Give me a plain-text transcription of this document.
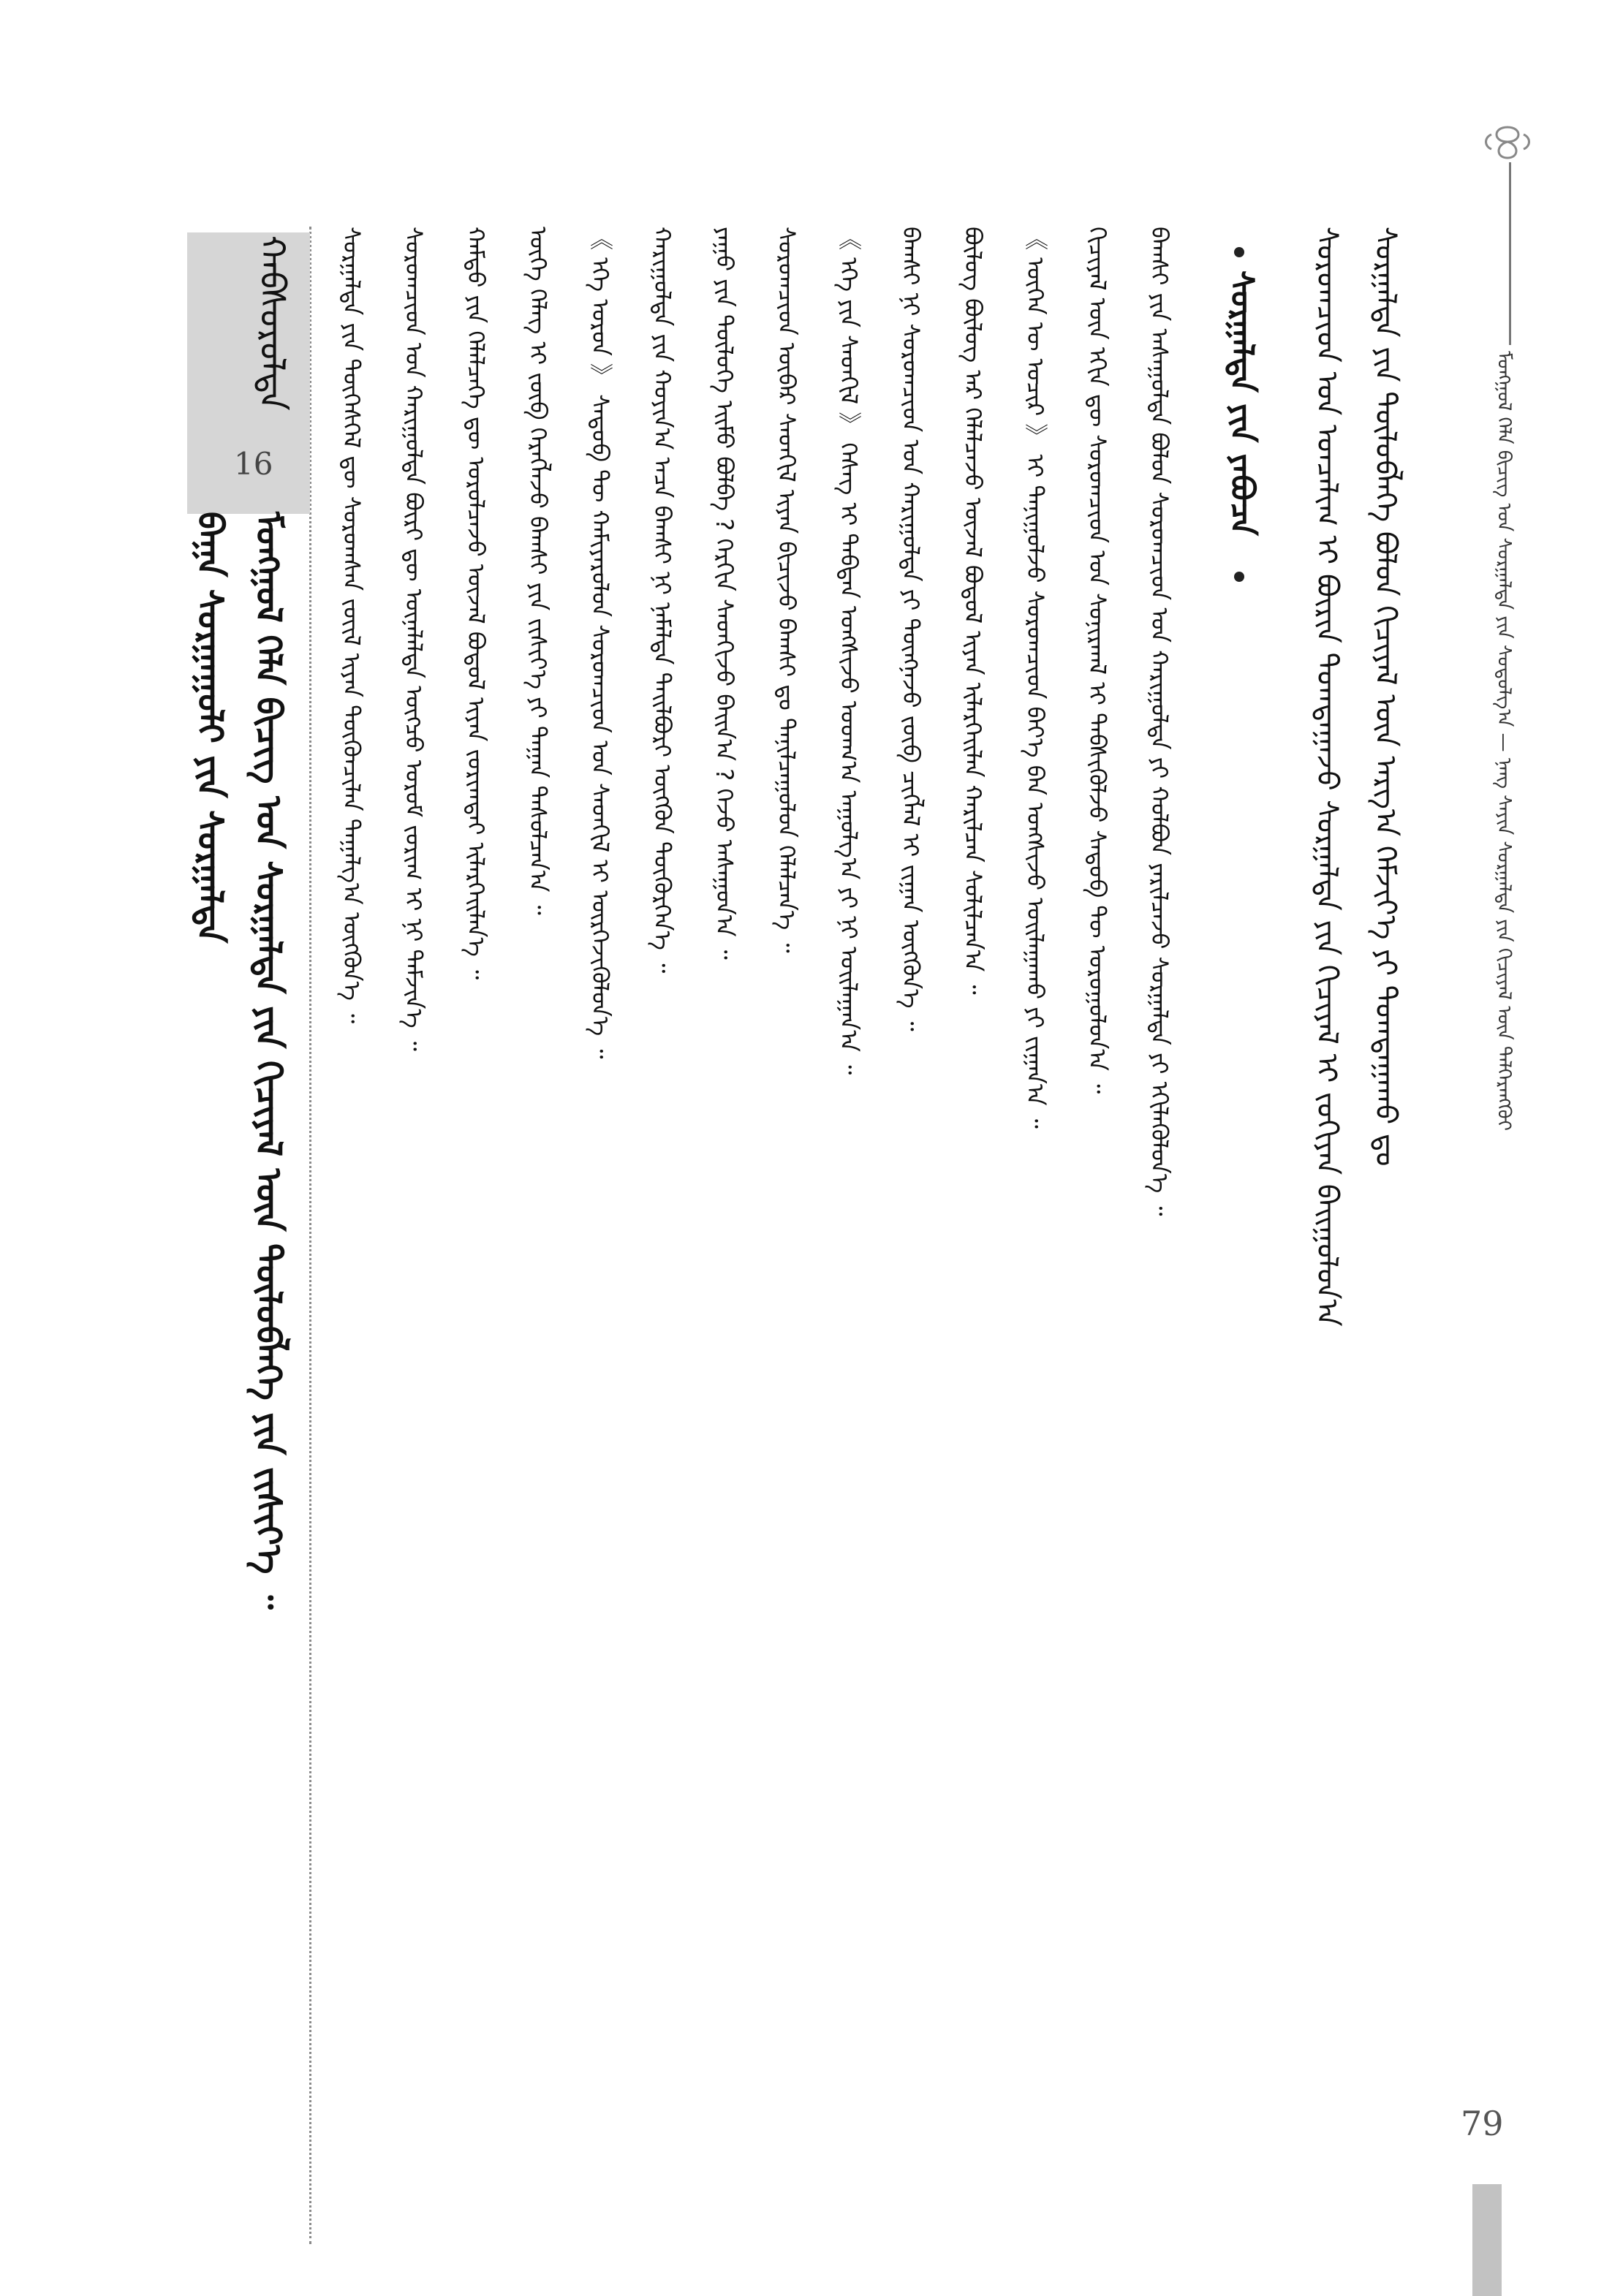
ᠮᠣᠩᠭᠣᠯ ᠬᠡᠯᠡ ᠪᠢᠴᠢᠭ᠌ ᠤᠨ ᠰᠤᠷᠭᠠᠯᠲᠠ ᠶᠢᠨ ᠰᠤᠳᠤᠯᠭ᠎ᠠ — ᠨᠡᠩ ᠰᠠᠶᠢᠨ ᠰᠤᠷᠭᠠᠯᠲᠠ ᠶᠢᠨ ᠬᠢᠴᠢᠶᠡᠯ ᠦᠨ ᠳᠡᠯᠭᠡᠷᠡᠩᠭᠦᠢ
79
ᠰᠤᠷᠭᠠᠯᠲᠠ ᠶᠢᠨ ᠲᠥᠯᠥᠪᠯᠡᠭᠡ ᠪᠣᠯᠤᠨ ᠬᠢᠴᠢᠶᠡᠯ ᠦᠨ ᠠᠷᠭ᠎ᠠ ᠬᠡᠮᠵᠢᠶ᠎ᠡ ᠶᠢ ᠲᠣᠭᠲᠠᠭᠠᠬᠤ ᠳᠤ
ᠰᠤᠷᠤᠭᠴᠢᠳ ᠤᠨ ᠣᠨᠴᠠᠯᠢᠭ ᠢ ᠪᠦᠷᠢᠨ ᠲᠣᠭᠲᠠᠭᠠᠵᠤ ᠰᠤᠷᠭᠠᠯᠲᠠ ᠶᠢᠨ ᠬᠢᠴᠢᠶᠡᠯ ᠢ ᠵᠣᠬᠢᠶᠠᠨ ᠪᠠᠢᠭᠤᠯᠤᠨ᠎ᠠ
ᠰᠤᠷᠭᠠᠯᠲᠠ ᠶᠢᠨ ᠶᠠᠪᠤᠴᠠ
ᠪᠠᠭᠰᠢ ᠶᠢᠨ ᠠᠰᠠᠭᠤᠯᠲᠠ ᠪᠣᠯᠤᠨ ᠰᠤᠷᠤᠭᠴᠢᠳ ᠤᠨ ᠬᠠᠷᠢᠭᠤᠯᠲᠠ ᠶᠢ ᠬᠣᠯᠪᠣᠨ ᠶᠠᠷᠢᠯᠴᠠᠵᠤ ᠰᠤᠷᠭᠠᠯᠲᠠ ᠶᠢ ᠡᠬᠢᠯᠡᠭᠦᠯᠦᠨ᠎ᠡ ᠃
ᠬᠢᠴᠢᠶᠡᠯ ᠦᠨ ᠡᠬᠢᠨ ᠳᠦ ᠰᠤᠷᠤᠭᠴᠢᠳ ᠤᠨ ᠰᠣᠨᠢᠷᠬᠠᠯ ᠢ ᠳᠡᠪᠰᠢᠭᠦᠯᠵᠦ ᠰᠡᠳᠦᠪ ᠲᠦ ᠣᠷᠣᠭᠤᠯᠤᠨ᠎ᠠ ᠃
《 ᠦᠭᠡᠨ ᠦ ᠤᠴᠢᠷ 》 ᠢ ᠲᠠᠨᠢᠭᠤᠯᠵᠤ ᠰᠤᠷᠤᠭᠴᠢᠳ ᠪᠡᠶ᠎ᠡ ᠪᠡᠨ ᠤᠩᠰᠢᠵᠤ ᠣᠢᠯᠠᠭᠠᠬᠤ ᠶᠢ ᠵᠢᠭᠠᠨ᠎ᠠ ᠃
ᠪᠦᠯᠦᠭ ᠪᠦᠯᠦᠭ ᠡᠡᠷ ᠬᠡᠯᠡᠯᠴᠡᠵᠦ ᠦᠵᠡᠯ ᠪᠣᠳᠤᠯ ᠢᠶᠠᠨ ᠢᠯᠡᠷᠬᠡᠢᠯᠡᠨ ᠬᠠᠷᠢᠯᠴᠠᠨ ᠰᠤᠯᠢᠯᠴᠠᠨ᠎ᠠ ᠃
ᠪᠠᠭᠰᠢ ᠨᠢ ᠰᠤᠷᠤᠭᠴᠢᠳ ᠤᠨ ᠬᠠᠷᠢᠭᠤᠯᠲᠠ ᠶᠢ ᠳᠦᠩᠨᠡᠵᠦ ᠵᠥᠪ ᠴᠢᠭᠯᠡᠯ ᠢ ᠵᠢᠭᠠᠨ ᠥᠭᠭᠦᠨ᠎ᠡ ᠃
《 ᠡᠬᠡ ᠶᠢᠨ ᠰᠡᠳᠭᠢᠯ 》 ᠬᠡᠰᠡᠭ ᠢ ᠳᠠᠪᠲᠠᠨ ᠤᠩᠰᠢᠵᠤ ᠤᠳᠬ᠎ᠠ ᠠᠭᠤᠯᠭ᠎ᠠ ᠶᠢ ᠨᠢ ᠣᠢᠯᠠᠭᠠᠨ᠎ᠠ ᠃
ᠰᠤᠷᠤᠭᠴᠢᠳ ᠥᠪᠡᠷ ᠰᠡᠳᠭᠢᠯ ᠢᠶᠡᠨ ᠪᠢᠴᠢᠵᠦ ᠪᠠᠭᠰᠢ ᠳᠤ ᠲᠠᠨᠢᠯᠴᠠᠭᠤᠯᠤᠨ ᠬᠡᠯᠡᠯᠴᠡᠨ᠎ᠡ ᠃
ᠶᠠᠭᠤ ᠶᠢᠨ ᠲᠥᠯᠥᠭᠡ ᠡᠢᠮᠦ ᠪᠣᠯᠪᠠ ? ᠬᠡᠷᠬᠢᠨ ᠰᠡᠳᠬᠢᠵᠦ ᠪᠠᠢᠨ᠎ᠠ ? ᠭᠡᠵᠦ ᠠᠰᠠᠭᠤᠨ᠎ᠠ ᠃
ᠬᠠᠷᠢᠭᠤᠯᠲᠠ ᠶᠢᠨ ᠬᠣᠶᠢᠨ᠎ᠠ ᠠᠴᠠ ᠪᠠᠭᠰᠢ ᠨᠢ ᠨᠡᠮᠡᠯᠲᠡ ᠲᠠᠢᠯᠪᠤᠷᠢ ᠥᠭᠭᠦᠨ ᠳᠦᠭᠦᠷᠭᠡᠨ᠎ᠡ ᠃
《 ᠡᠬᠡ ᠣᠷᠣᠨ 》 ᠰᠡᠳᠦᠪ ᠲᠦ ᠬᠠᠮᠢᠶᠠᠷᠤᠯᠤᠨ ᠰᠤᠷᠤᠭᠴᠢᠳ ᠤᠨ ᠰᠡᠳᠭᠢᠯ ᠢ ᠥᠷᠭᠡᠵᠢᠭᠦᠯᠦᠨ᠎ᠡ ᠃
ᠦᠭᠡ ᠬᠡᠯᠡᠭ ᠢ ᠵᠥᠪ ᠬᠡᠷᠡᠭᠯᠡᠵᠦ ᠪᠠᠭᠰᠢ ᠶᠢᠨ ᠵᠢᠱᠢᠶ᠎ᠡ ᠶᠢ ᠳᠠᠭᠠᠨ ᠳᠠᠰᠤᠯᠴᠠᠨ᠎ᠠ ᠃
ᠬᠠᠮᠲᠤ ᠶᠢᠨ ᠬᠡᠯᠡᠯᠴᠡᠭᠡ ᠳᠦ ᠣᠷᠣᠯᠴᠠᠵᠤ ᠦᠵᠡᠯ ᠪᠣᠳᠤᠯ ᠢᠶᠠᠨ ᠵᠣᠷᠢᠭᠲᠠᠢ ᠢᠯᠡᠷᠬᠡᠢᠯᠡᠨ᠎ᠡ ᠃
ᠰᠤᠷᠤᠭᠴᠢᠳ ᠤᠨ ᠬᠠᠷᠢᠭᠤᠯᠲᠠ ᠪᠦᠷᠢ ᠳᠦ ᠦᠨᠡᠯᠡᠯᠲᠡ ᠥᠭᠴᠦ ᠤᠷᠤᠮ ᠵᠣᠷᠢᠭ ᠢ ᠨᠢ ᠳᠡᠮᠵᠢᠨ᠎ᠡ ᠃
ᠰᠤᠷᠭᠠᠯᠲᠠ ᠶᠢᠨ ᠲᠥᠭᠡᠰᠬᠡᠯ ᠳᠦ ᠰᠤᠷᠤᠭᠰᠠᠨ ᠵᠦᠢᠯ ᠢᠶᠡᠨ ᠳᠦᠭᠦᠨᠴᠢᠯᠡᠨ ᠳᠠᠭᠠᠯᠭ᠎ᠠ ᠥᠭᠭᠦᠨ᠎ᠡ ᠃
ᠬᠠᠪᠰᠤᠷᠤᠯᠲᠠ
16
ᠮᠣᠩᠭᠣᠯ ᠬᠡᠯᠡ ᠪᠢᠴᠢᠭ᠌ ᠤᠨ ᠰᠤᠷᠭᠠᠯᠲᠠ ᠶᠢᠨ ᠬᠢᠴᠢᠶᠡᠯ ᠦᠨ ᠲᠥᠯᠥᠪᠯᠡᠭᠡ ᠶᠢᠨ ᠵᠢᠱᠢᠶ᠎ᠡ ᠃
ᠪᠠᠭᠠ ᠰᠤᠷᠭᠠᠭᠤᠯᠢ ᠶᠢᠨ ᠰᠤᠷᠭᠠᠯᠲᠠ
